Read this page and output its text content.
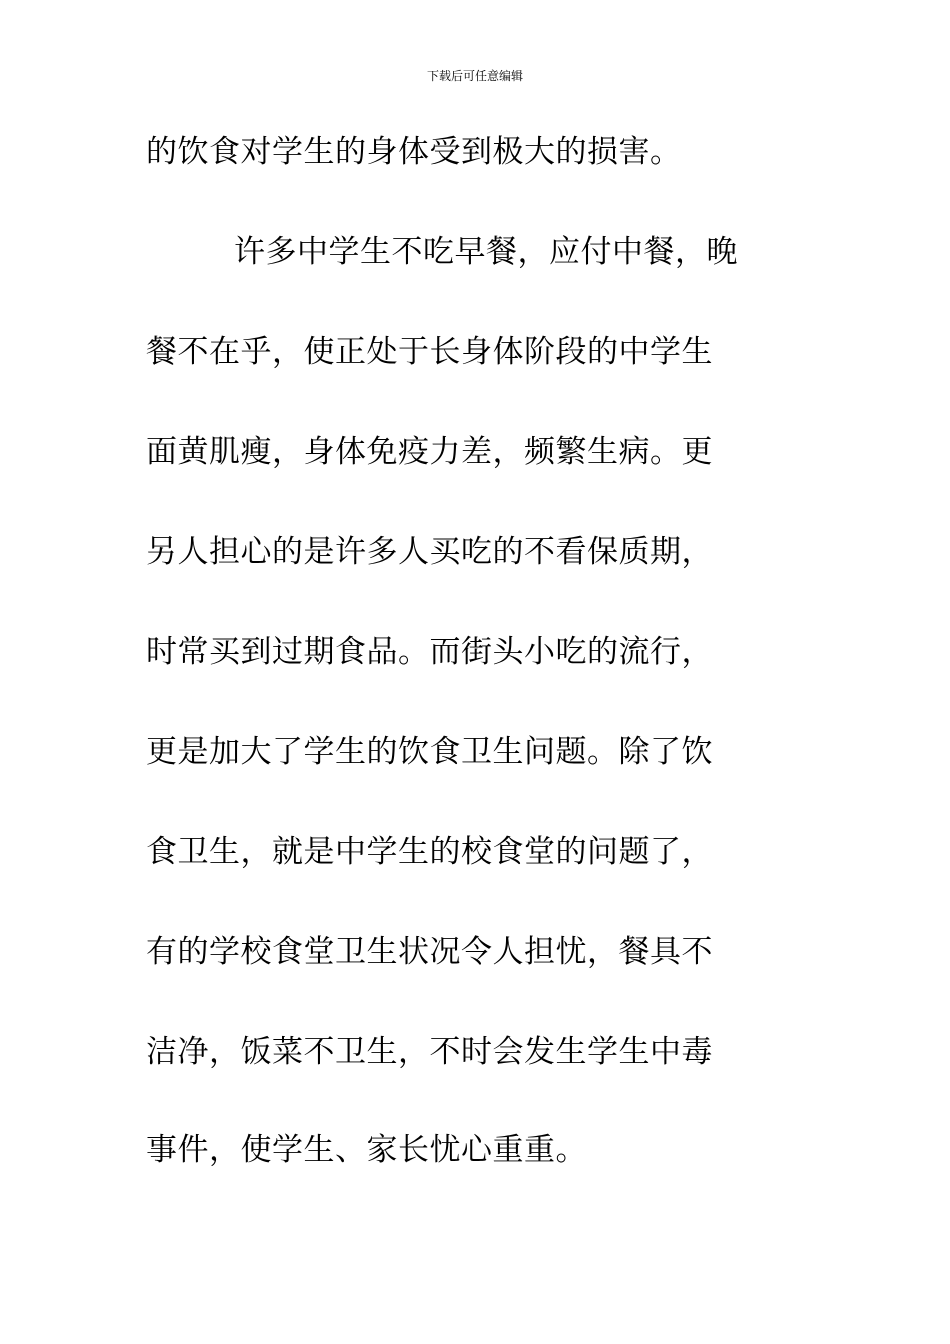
下载后可任意编辑
的饮食对学生的身体受到极大的损害。
许多中学生不吃早餐，应付中餐，晚
餐不在乎，使正处于长身体阶段的中学生
面黄肌瘦，身体免疫力差，频繁生病。更
另人担心的是许多人买吃的不看保质期，
时常买到过期食品。而街头小吃的流行，
更是加大了学生的饮食卫生问题。除了饮
食卫生，就是中学生的校食堂的问题了，
有的学校食堂卫生状况令人担忧，餐具不
洁净，饭菜不卫生，不时会发生学生中毒
事件，使学生、家长忧心重重。
